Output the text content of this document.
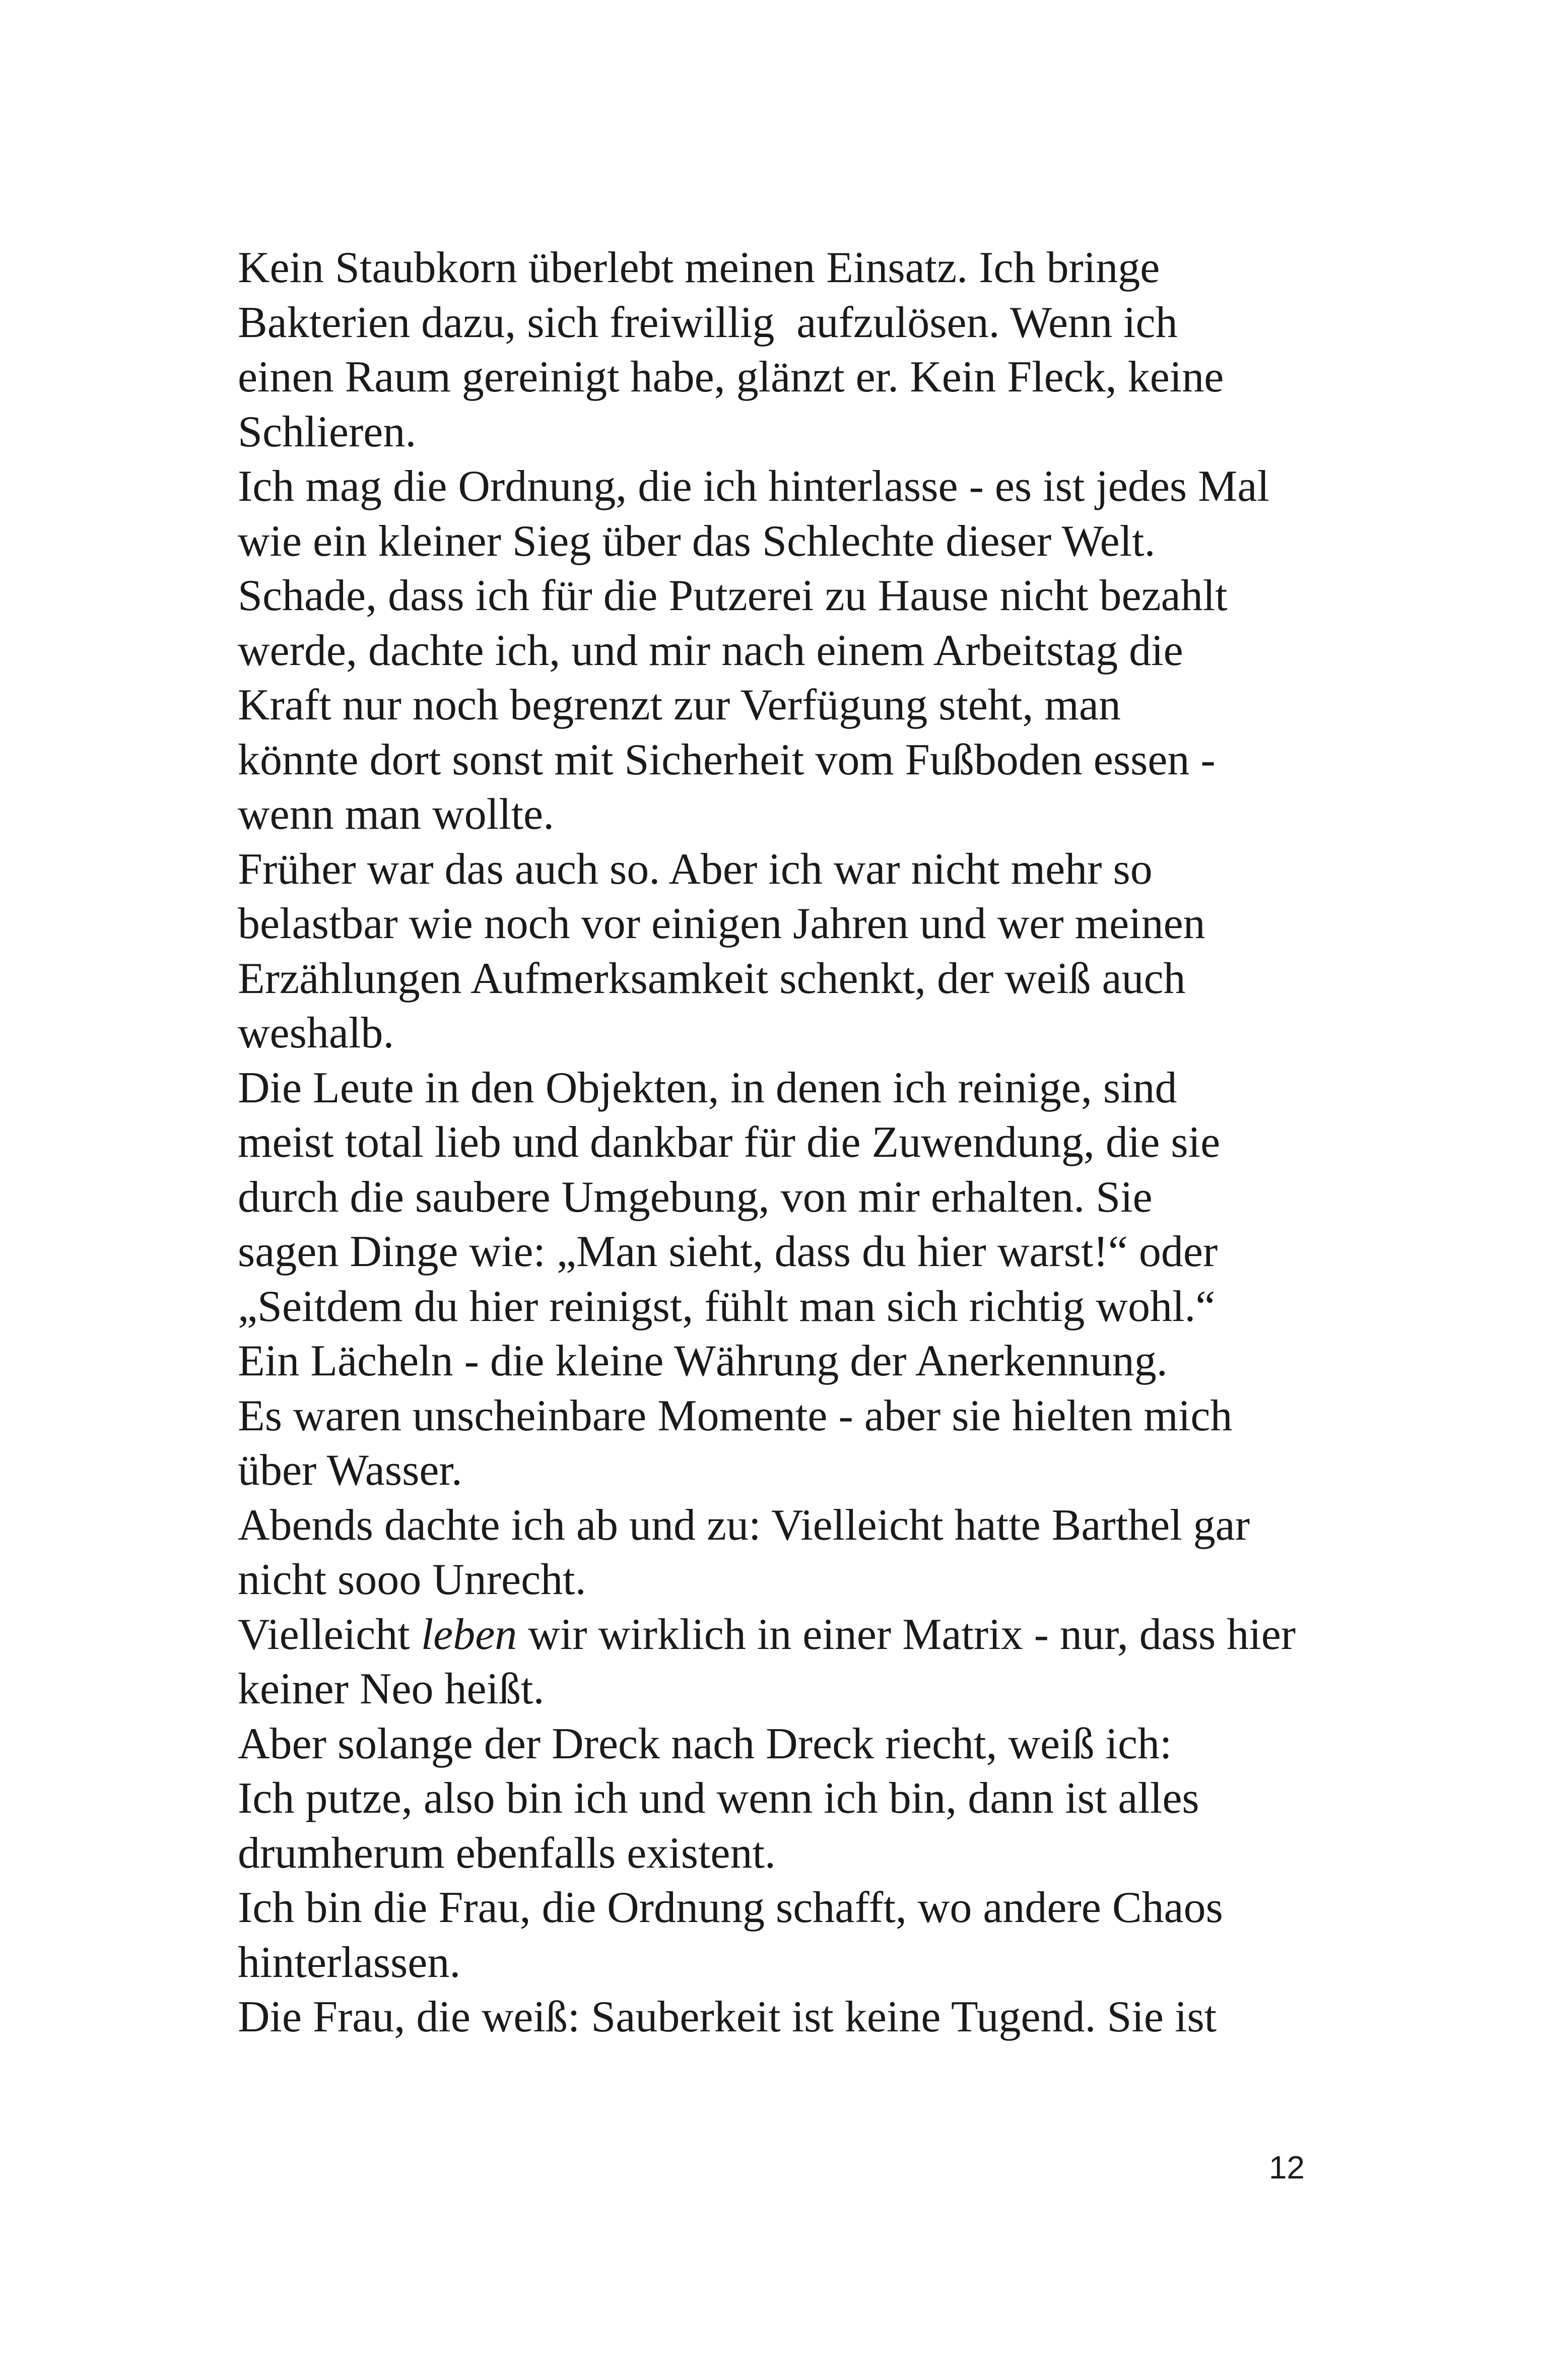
Kein Staubkorn überlebt meinen Einsatz. Ich bringe
Bakterien dazu, sich freiwillig  aufzulösen. Wenn ich
einen Raum gereinigt habe, glänzt er. Kein Fleck, keine
Schlieren.
Ich mag die Ordnung, die ich hinterlasse - es ist jedes Mal
wie ein kleiner Sieg über das Schlechte dieser Welt.
Schade, dass ich für die Putzerei zu Hause nicht bezahlt
werde, dachte ich, und mir nach einem Arbeitstag die
Kraft nur noch begrenzt zur Verfügung steht, man
könnte dort sonst mit Sicherheit vom Fußboden essen -
wenn man wollte.
Früher war das auch so. Aber ich war nicht mehr so
belastbar wie noch vor einigen Jahren und wer meinen
Erzählungen Aufmerksamkeit schenkt, der weiß auch
weshalb.
Die Leute in den Objekten, in denen ich reinige, sind
meist total lieb und dankbar für die Zuwendung, die sie
durch die saubere Umgebung, von mir erhalten. Sie
sagen Dinge wie: „Man sieht, dass du hier warst!“ oder
„Seitdem du hier reinigst, fühlt man sich richtig wohl.“
Ein Lächeln - die kleine Währung der Anerkennung.
Es waren unscheinbare Momente - aber sie hielten mich
über Wasser.
Abends dachte ich ab und zu: Vielleicht hatte Barthel gar
nicht sooo Unrecht.
Vielleicht leben wir wirklich in einer Matrix - nur, dass hier
keiner Neo heißt.
Aber solange der Dreck nach Dreck riecht, weiß ich:
Ich putze, also bin ich und wenn ich bin, dann ist alles
drumherum ebenfalls existent.
Ich bin die Frau, die Ordnung schafft, wo andere Chaos
hinterlassen.
Die Frau, die weiß: Sauberkeit ist keine Tugend. Sie ist
12
